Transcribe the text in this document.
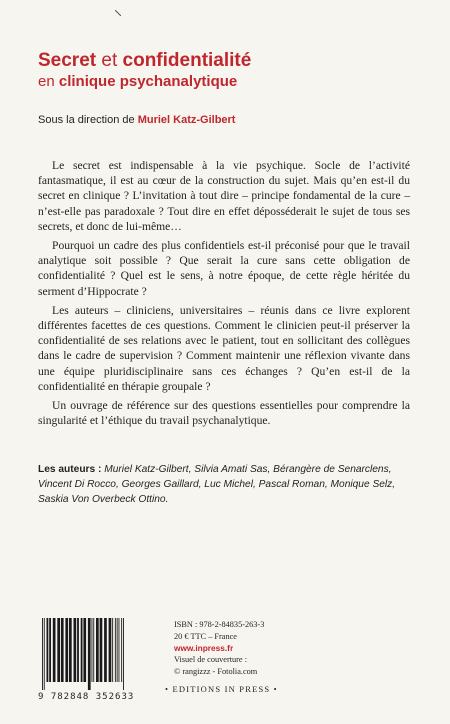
Secret et confidentialité
en clinique psychanalytique
Sous la direction de Muriel Katz-Gilbert

Le secret est indispensable à la vie psychique. Socle de l’activité fantasmatique, il est au cœur de la construction du sujet. Mais qu’en est-il du secret en clinique ? L’invitation à tout dire – principe fondamental de la cure – n’est-elle pas paradoxale ? Tout dire en effet déposséderait le sujet de tous ses secrets, et donc de lui-même…

Pourquoi un cadre des plus confidentiels est-il préconisé pour que le travail analytique soit possible ? Que serait la cure sans cette obligation de confidentialité ? Quel est le sens, à notre époque, de cette règle héritée du serment d’Hippocrate ?

Les auteurs – cliniciens, universitaires – réunis dans ce livre explorent différentes facettes de ces questions. Comment le clinicien peut-il préserver la confidentialité de ses relations avec le patient, tout en sollicitant des collègues dans le cadre de supervision ? Comment maintenir une réflexion vivante dans une équipe pluridisciplinaire sans ces échanges ? Qu’en est-il de la confidentialité en thérapie groupale ?

Un ouvrage de référence sur des questions essentielles pour comprendre la singularité et l’éthique du travail psychanalytique.

Les auteurs : Muriel Katz-Gilbert, Silvia Amati Sas, Bérangère de Senarclens, Vincent Di Rocco, Georges Gaillard, Luc Michel, Pascal Roman, Monique Selz, Saskia Von Overbeck Ottino.
9 782848 352633
ISBN : 978-2-84835-263-3
20 € TTC – France
www.inpress.fr
Visuel de couverture :
© rangizzz - Fotolia.com
• EDITIONS IN PRESS •
